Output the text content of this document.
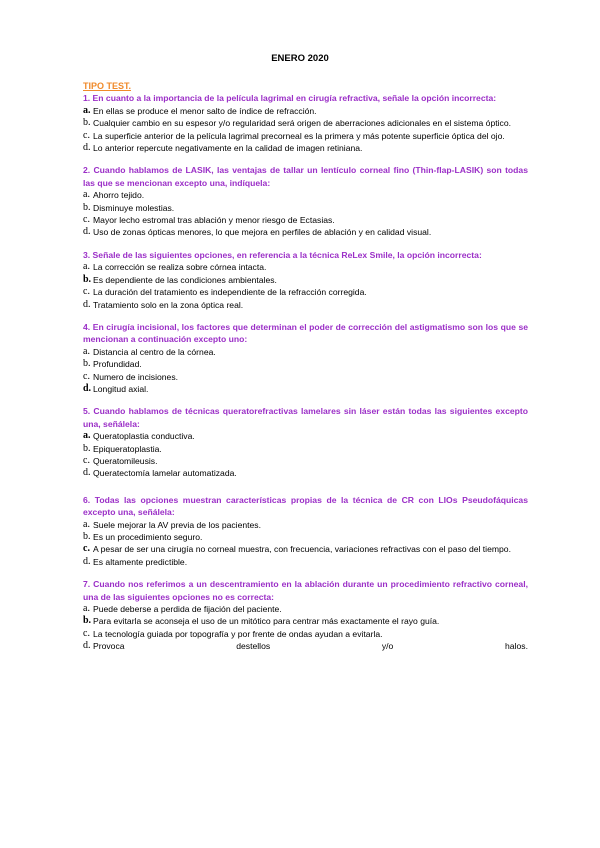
ENERO 2020

TIPO TEST.

1. En cuanto a la importancia de la película lagrimal en cirugía refractiva, señale la opción incorrecta:

a. En ellas se produce el menor salto de índice de refracción.
b. Cualquier cambio en su espesor y/o regularidad será origen de aberraciones adicionales en el sistema óptico.
c. La superficie anterior de la película lagrimal precorneal es la primera y más potente superficie óptica del ojo.
d. Lo anterior repercute negativamente en la calidad de imagen retiniana.

2. Cuando hablamos de LASIK, las ventajas de tallar un lentículo corneal fino (Thin-flap-LASIK) son todas las que se mencionan excepto una, indíquela:

a. Ahorro tejido.
b. Disminuye molestias.
c. Mayor lecho estromal tras ablación y menor riesgo de Ectasias.
d. Uso de zonas ópticas menores, lo que mejora en perfiles de ablación y en calidad visual.

3. Señale de las siguientes opciones, en referencia a la técnica ReLex Smile, la opción incorrecta:

a. La corrección se realiza sobre córnea intacta.
b. Es dependiente de las condiciones ambientales.
c. La duración del tratamiento es independiente de la refracción corregida.
d. Tratamiento solo en la zona óptica real.

4. En cirugía incisional, los factores que determinan el poder de corrección del astigmatismo son los que se mencionan a continuación excepto uno:

a. Distancia al centro de la córnea.
b. Profundidad.
c. Numero de incisiones.
d. Longitud axial.

5. Cuando hablamos de técnicas queratorefractivas lamelares sin láser están todas las siguientes excepto una, señálela:

a. Queratoplastia conductiva.
b. Epiqueratoplastia.
c. Queratomileusis.
d. Queratectomía lamelar automatizada.

6. Todas las opciones muestran características propias de la técnica de CR con LIOs Pseudofáquicas excepto una, señálela:

a. Suele mejorar la AV previa de los pacientes.
b. Es un procedimiento seguro.
c. A pesar de ser una cirugía no corneal muestra, con frecuencia, variaciones refractivas con el paso del tiempo.
d. Es altamente predictible.

7. Cuando nos referimos a un descentramiento en la ablación durante un procedimiento refractivo corneal, una de las siguientes opciones no es correcta:

a. Puede deberse a perdida de fijación del paciente.
b. Para evitarla se aconseja el uso de un mitótico para centrar más exactamente el rayo guía.
c. La tecnología guiada por topografía y por frente de ondas ayudan a evitarla.
d. Provoca	destellos	y/o	halos.
